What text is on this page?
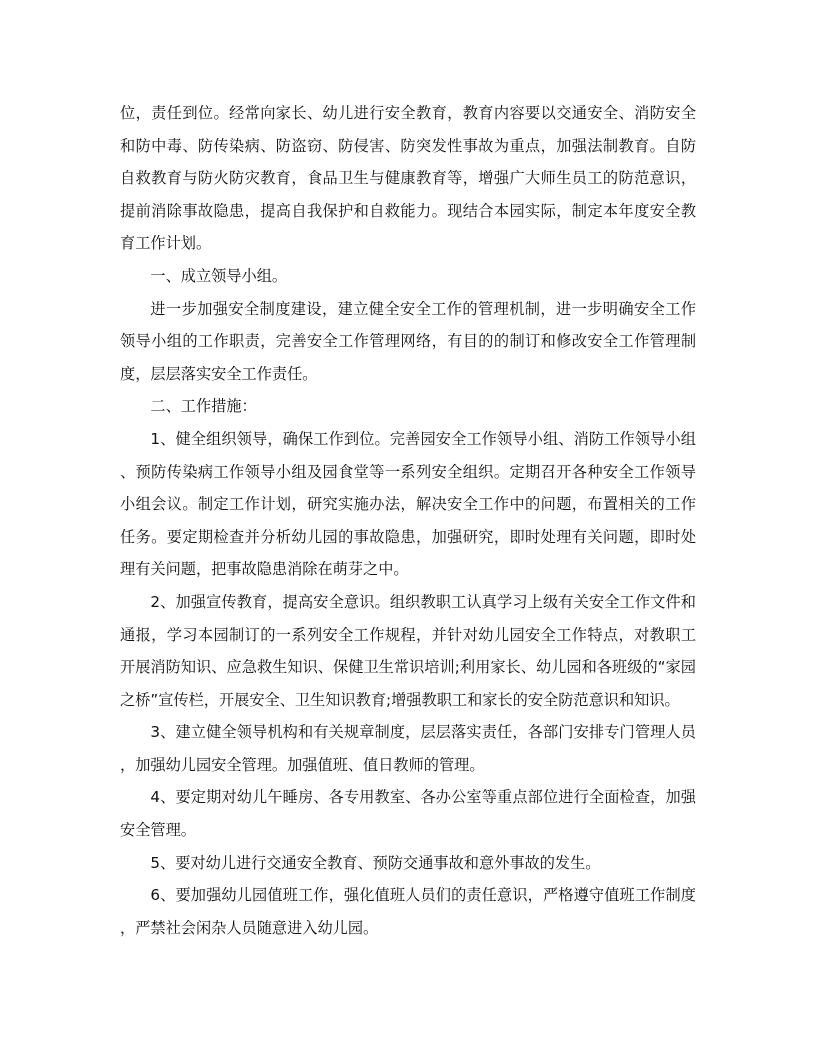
位，责任到位。经常向家长、幼儿进行安全教育，教育内容要以交通安全、消防安全和防中毒、防传染病、防盗窃、防侵害、防突发性事故为重点，加强法制教育。自防自救教育与防火防灾教育，食品卫生与健康教育等，增强广大师生员工的防范意识，提前消除事故隐患，提高自我保护和自救能力。现结合本园实际，制定本年度安全教育工作计划。

一、成立领导小组。

进一步加强安全制度建设，建立健全安全工作的管理机制，进一步明确安全工作领导小组的工作职责，完善安全工作管理网络，有目的的制订和修改安全工作管理制度，层层落实安全工作责任。

二、工作措施：

1、健全组织领导，确保工作到位。完善园安全工作领导小组、消防工作领导小组、预防传染病工作领导小组及园食堂等一系列安全组织。定期召开各种安全工作领导小组会议。制定工作计划，研究实施办法，解决安全工作中的问题，布置相关的工作任务。要定期检查并分析幼儿园的事故隐患，加强研究，即时处理有关问题，即时处理有关问题，把事故隐患消除在萌芽之中。

2、加强宣传教育，提高安全意识。组织教职工认真学习上级有关安全工作文件和通报，学习本园制订的一系列安全工作规程，并针对幼儿园安全工作特点，对教职工开展消防知识、应急救生知识、保健卫生常识培训;利用家长、幼儿园和各班级的“家园之桥”宣传栏，开展安全、卫生知识教育;增强教职工和家长的安全防范意识和知识。

3、建立健全领导机构和有关规章制度，层层落实责任，各部门安排专门管理人员，加强幼儿园安全管理。加强值班、值日教师的管理。

4、要定期对幼儿午睡房、各专用教室、各办公室等重点部位进行全面检查，加强安全管理。

5、要对幼儿进行交通安全教育、预防交通事故和意外事故的发生。

6、要加强幼儿园值班工作，强化值班人员们的责任意识，严格遵守值班工作制度，严禁社会闲杂人员随意进入幼儿园。
